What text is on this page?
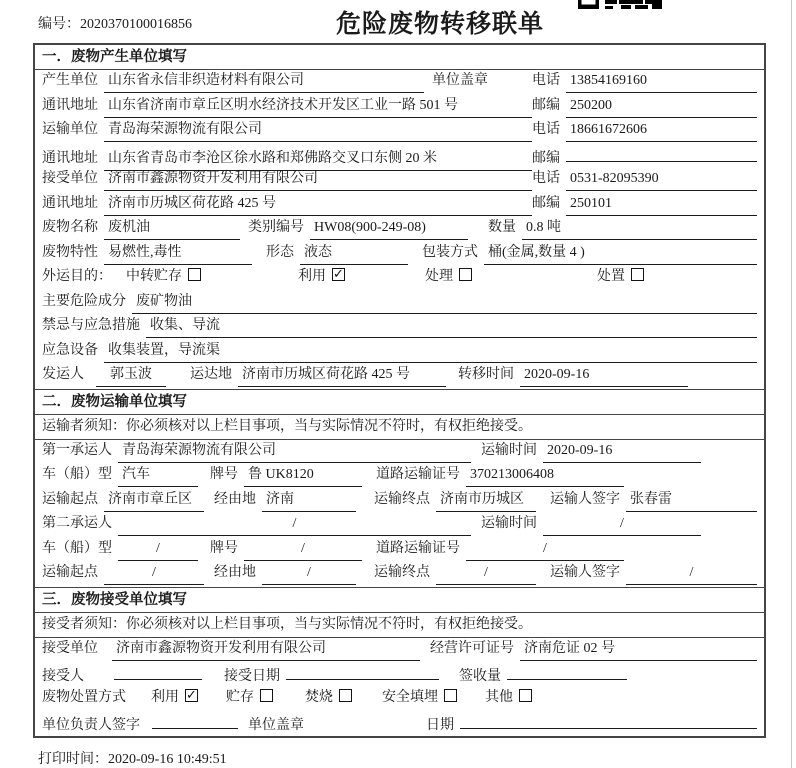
编号：2020370100016856	危险废物转移联单
一．废物产生单位填写
产生单位 山东省永信非织造材料有限公司	单位盖章	电话 13854169160
通讯地址 山东省济南市章丘区明水经济技术开发区工业一路 501 号	邮编 250200
运输单位 青岛海荣源物流有限公司	电话 18661672606
通讯地址 山东省青岛市李沧区徐水路和郑佛路交叉口东侧 20 米	邮编
接受单位 济南市鑫源物资开发利用有限公司	电话 0531-82095390
通讯地址 济南市历城区荷花路 425 号	邮编 250101
废物名称 废机油	类别编号 HW08(900-249-08)	数量 0.8 吨
废物特性 易燃性,毒性	形态 液态	包装方式 桶(金属,数量 4 )
外运目的： 中转贮存	利用 ✓	处理	处置
主要危险成分 废矿物油
禁忌与应急措施 收集、导流
应急设备 收集装置，导流渠
发运人	郭玉波	运达地 济南市历城区荷花路 425 号	转移时间 2020-09-16
二．废物运输单位填写
运输者须知：你必须核对以上栏目事项，当与实际情况不符时，有权拒绝接受。
第一承运人 青岛海荣源物流有限公司	运输时间 2020-09-16
车（船）型 汽车	牌号 鲁 UK8120	道路运输证号 370213006408
运输起点 济南市章丘区	经由地 济南	运输终点 济南市历城区	运输人签字 张春雷
第二承运人	/	运输时间	/
车（船）型	/	牌号	/	道路运输证号	/
运输起点	/	经由地	/	运输终点	/	运输人签字	/
三．废物接受单位填写
接受者须知：你必须核对以上栏目事项，当与实际情况不符时，有权拒绝接受。
接受单位 济南市鑫源物资开发利用有限公司	经营许可证号 济南危证 02 号
接受人	接受日期	签收量
废物处置方式 利用 ✓	贮存	焚烧	安全填埋	其他
单位负责人签字	单位盖章	日期
打印时间：2020-09-16 10:49:51
